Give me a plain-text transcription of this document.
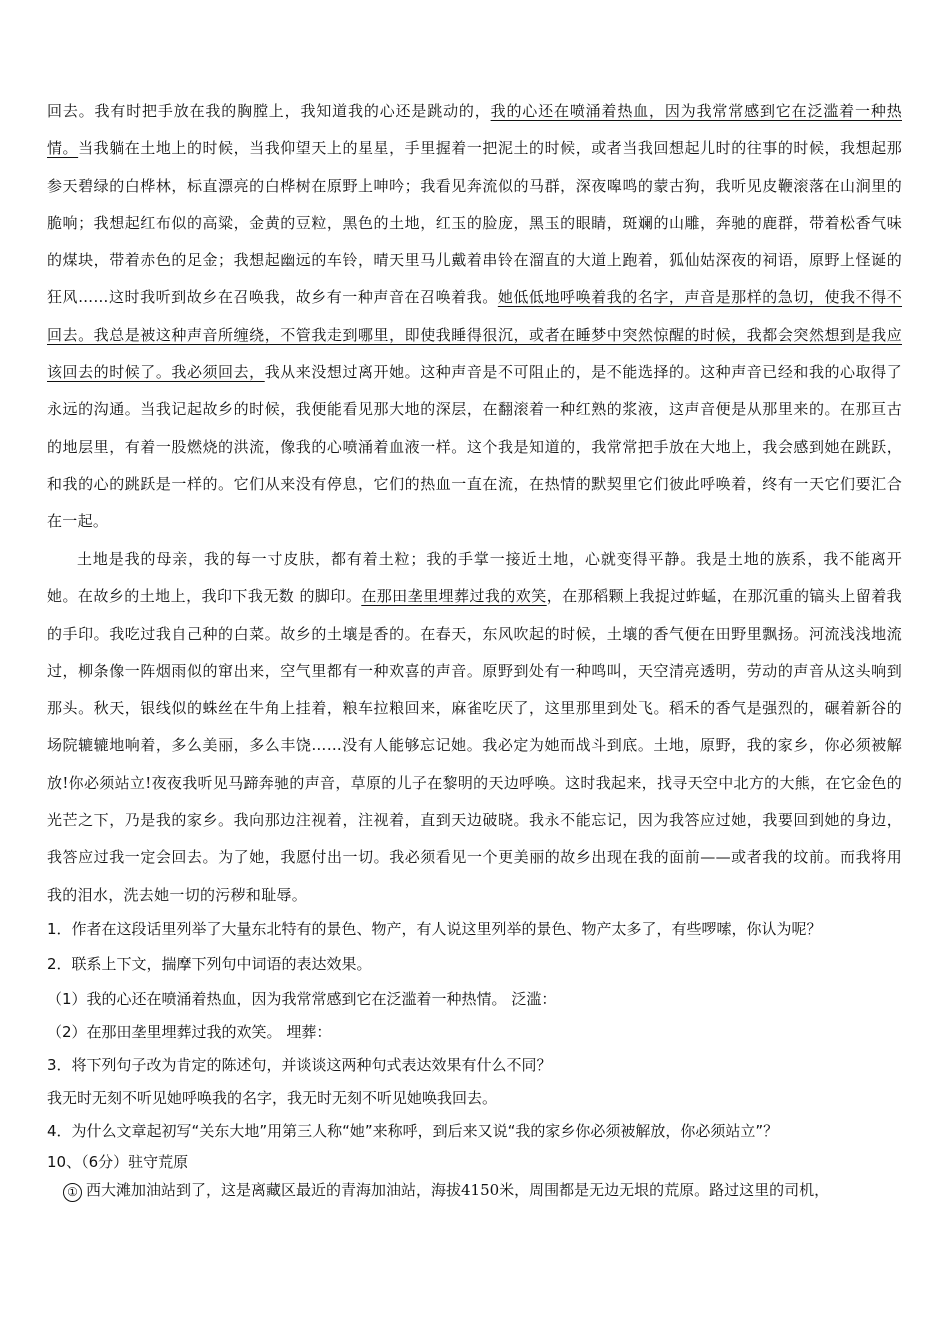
回去。我有时把手放在我的胸膛上，我知道我的心还是跳动的，我的心还在喷涌着热血，因为我常常感到它在泛滥着一种热情。当我躺在土地上的时候，当我仰望天上的星星，手里握着一把泥土的时候，或者当我回想起儿时的往事的时候，我想起那参天碧绿的白桦林，标直漂亮的白桦树在原野上呻吟；我看见奔流似的马群，深夜嗥鸣的蒙古狗，我听见皮鞭滚落在山涧里的脆响；我想起红布似的高粱，金黄的豆粒，黑色的土地，红玉的脸庞，黑玉的眼睛，斑斓的山雕，奔驰的鹿群，带着松香气味的煤块，带着赤色的足金；我想起幽远的车铃，晴天里马儿戴着串铃在溜直的大道上跑着，狐仙姑深夜的祠语，原野上怪诞的狂风……这时我听到故乡在召唤我，故乡有一种声音在召唤着我。她低低地呼唤着我的名字，声音是那样的急切，使我不得不回去。我总是被这种声音所缠绕，不管我走到哪里，即使我睡得很沉，或者在睡梦中突然惊醒的时候，我都会突然想到是我应该回去的时候了。我必须回去，我从来没想过离开她。这种声音是不可阻止的，是不能选择的。这种声音已经和我的心取得了永远的沟通。当我记起故乡的时候，我便能看见那大地的深层，在翻滚着一种红熟的浆液，这声音便是从那里来的。在那亘古的地层里，有着一股燃烧的洪流，像我的心喷涌着血液一样。这个我是知道的，我常常把手放在大地上，我会感到她在跳跃，和我的心的跳跃是一样的。它们从来没有停息，它们的热血一直在流，在热情的默契里它们彼此呼唤着，终有一天它们要汇合在一起。
土地是我的母亲，我的每一寸皮肤，都有着土粒；我的手掌一接近土地，心就变得平静。我是土地的族系，我不能离开她。在故乡的土地上，我印下我无数 的脚印。在那田垄里埋葬过我的欢笑，在那稻颗上我捉过蚱蜢，在那沉重的镐头上留着我的手印。我吃过我自己种的白菜。故乡的土壤是香的。在春天，东风吹起的时候，土壤的香气便在田野里飘扬。河流浅浅地流过，柳条像一阵烟雨似的窜出来，空气里都有一种欢喜的声音。原野到处有一种鸣叫，天空清亮透明，劳动的声音从这头响到那头。秋天，银线似的蛛丝在牛角上挂着，粮车拉粮回来，麻雀吃厌了，这里那里到处飞。稻禾的香气是强烈的，碾着新谷的场院辘辘地响着，多么美丽，多么丰饶……没有人能够忘记她。我必定为她而战斗到底。土地，原野，我的家乡，你必须被解放!你必须站立!夜夜我听见马蹄奔驰的声音，草原的儿子在黎明的天边呼唤。这时我起来，找寻天空中北方的大熊，在它金色的光芒之下，乃是我的家乡。我向那边注视着，注视着，直到天边破晓。我永不能忘记，因为我答应过她，我要回到她的身边，我答应过我一定会回去。为了她，我愿付出一切。我必须看见一个更美丽的故乡出现在我的面前——或者我的坟前。而我将用我的泪水，洗去她一切的污秽和耻辱。
1．作者在这段话里列举了大量东北特有的景色、物产，有人说这里列举的景色、物产太多了，有些啰嗦，你认为呢？
2．联系上下文，揣摩下列句中词语的表达效果。
（1）我的心还在喷涌着热血，因为我常常感到它在泛滥着一种热情。 泛滥：
（2）在那田垄里埋葬过我的欢笑。 埋葬：
3．将下列句子改为肯定的陈述句，并谈谈这两种句式表达效果有什么不同？
我无时无刻不听见她呼唤我的名字，我无时无刻不听见她唤我回去。
4．为什么文章起初写“关东大地”用第三人称“她”来称呼，到后来又说“我的家乡你必须被解放，你必须站立”？
10、（6分）驻守荒原
① 西大滩加油站到了，这是离藏区最近的青海加油站，海拔4150米，周围都是无边无垠的荒原。路过这里的司机，
